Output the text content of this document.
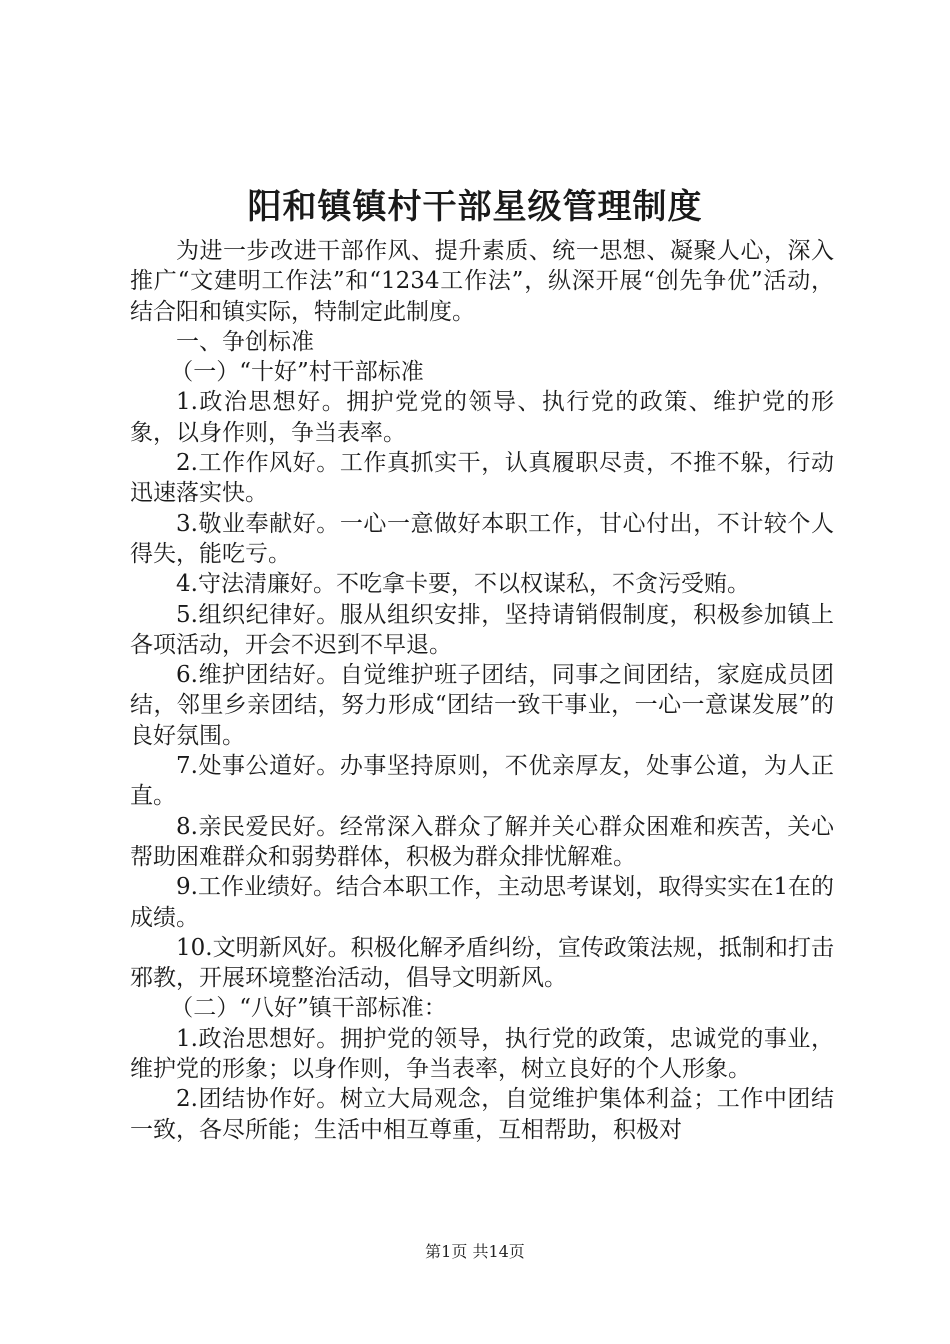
阳和镇镇村干部星级管理制度

为进一步改进干部作风、提升素质、统一思想、凝聚人心，深入推广“文建明工作法”和“1234工作法”，纵深开展“创先争优”活动，结合阳和镇实际，特制定此制度。

一、争创标准

（一）“十好”村干部标准

1.政治思想好。拥护党党的领导、执行党的政策、维护党的形象，以身作则，争当表率。

2.工作作风好。工作真抓实干，认真履职尽责，不推不躲，行动迅速落实快。

3.敬业奉献好。一心一意做好本职工作，甘心付出，不计较个人得失，能吃亏。

4.守法清廉好。不吃拿卡要，不以权谋私，不贪污受贿。

5.组织纪律好。服从组织安排，坚持请销假制度，积极参加镇上各项活动，开会不迟到不早退。

6.维护团结好。自觉维护班子团结，同事之间团结，家庭成员团结，邻里乡亲团结，努力形成“团结一致干事业，一心一意谋发展”的良好氛围。

7.处事公道好。办事坚持原则，不优亲厚友，处事公道，为人正直。

8.亲民爱民好。经常深入群众了解并关心群众困难和疾苦，关心帮助困难群众和弱势群体，积极为群众排忧解难。

9.工作业绩好。结合本职工作，主动思考谋划，取得实实在1在的成绩。

10.文明新风好。积极化解矛盾纠纷，宣传政策法规，抵制和打击邪教，开展环境整治活动，倡导文明新风。

（二）“八好”镇干部标准：

1.政治思想好。拥护党的领导，执行党的政策，忠诚党的事业，维护党的形象；以身作则，争当表率，树立良好的个人形象。

2.团结协作好。树立大局观念，自觉维护集体利益；工作中团结一致，各尽所能；生活中相互尊重，互相帮助，积极对

第1页 共14页
